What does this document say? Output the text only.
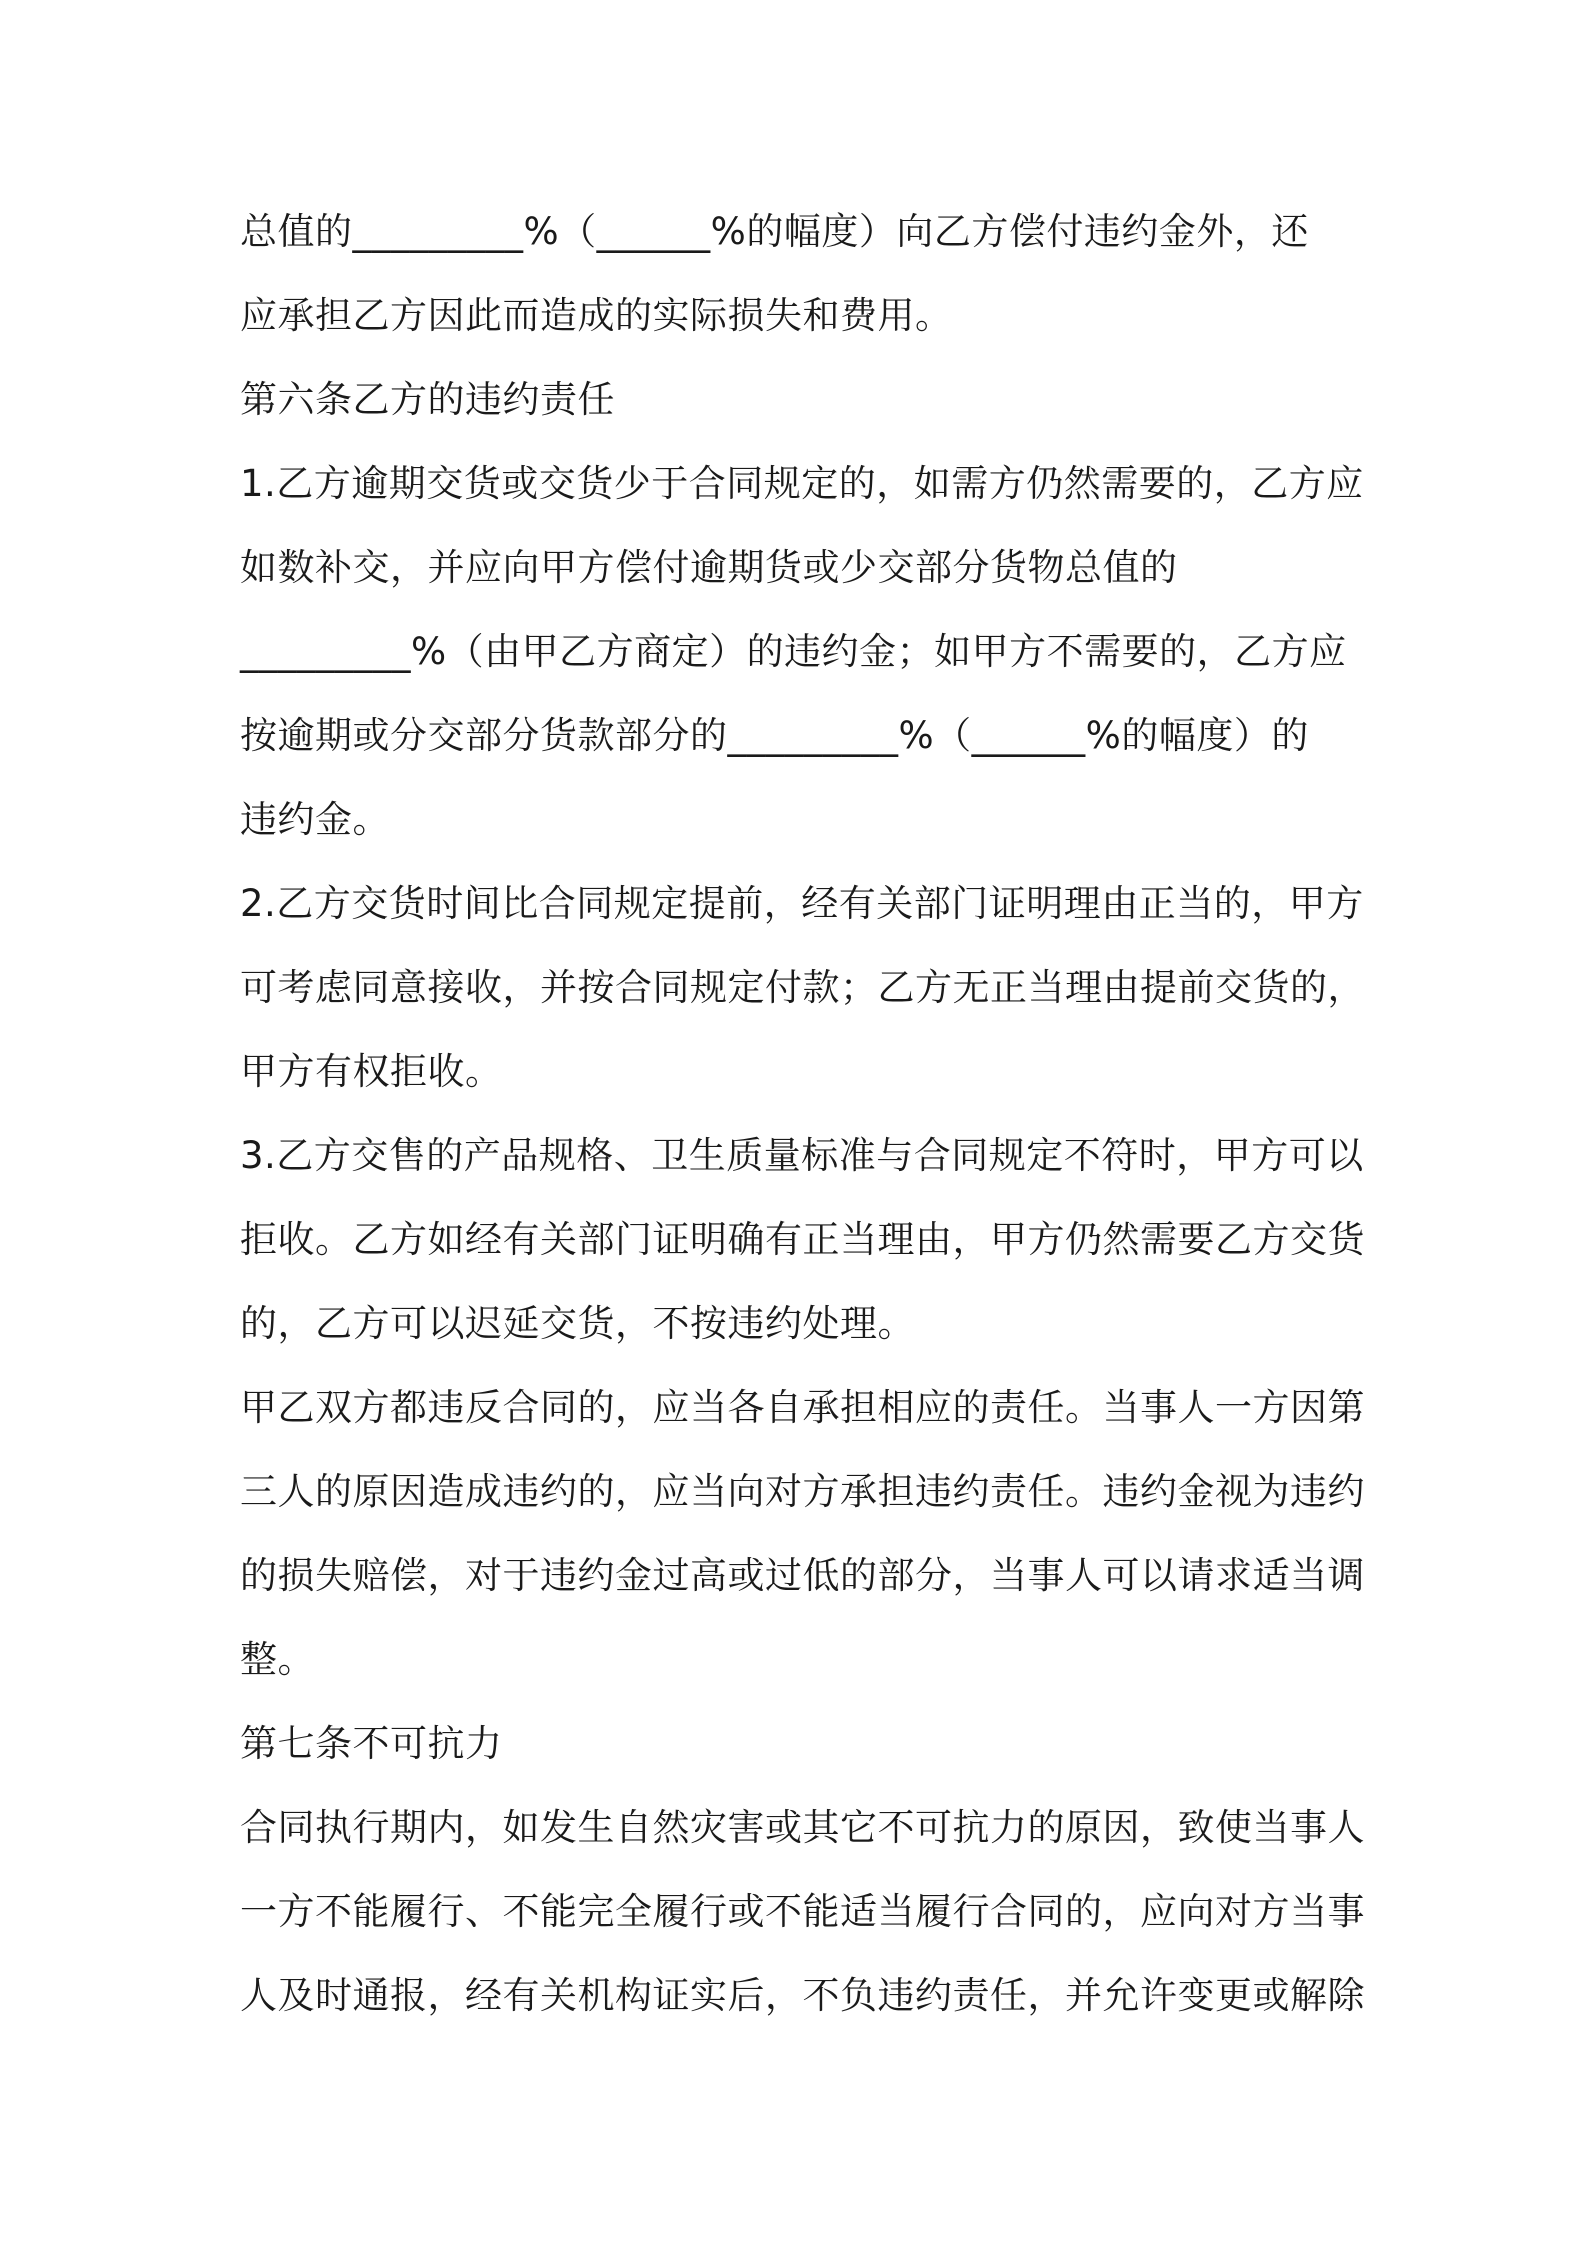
总值的_________%（______%的幅度）向乙方偿付违约金外，还
应承担乙方因此而造成的实际损失和费用。
第六条乙方的违约责任
1.乙方逾期交货或交货少于合同规定的，如需方仍然需要的，乙方应
如数补交，并应向甲方偿付逾期货或少交部分货物总值的
_________%（由甲乙方商定）的违约金；如甲方不需要的，乙方应
按逾期或分交部分货款部分的_________%（______%的幅度）的
违约金。
2.乙方交货时间比合同规定提前，经有关部门证明理由正当的，甲方
可考虑同意接收，并按合同规定付款；乙方无正当理由提前交货的，
甲方有权拒收。
3.乙方交售的产品规格、卫生质量标准与合同规定不符时，甲方可以
拒收。乙方如经有关部门证明确有正当理由，甲方仍然需要乙方交货
的，乙方可以迟延交货，不按违约处理。
甲乙双方都违反合同的，应当各自承担相应的责任。当事人一方因第
三人的原因造成违约的，应当向对方承担违约责任。违约金视为违约
的损失赔偿，对于违约金过高或过低的部分，当事人可以请求适当调
整。
第七条不可抗力
合同执行期内，如发生自然灾害或其它不可抗力的原因，致使当事人
一方不能履行、不能完全履行或不能适当履行合同的，应向对方当事
人及时通报，经有关机构证实后，不负违约责任，并允许变更或解除
